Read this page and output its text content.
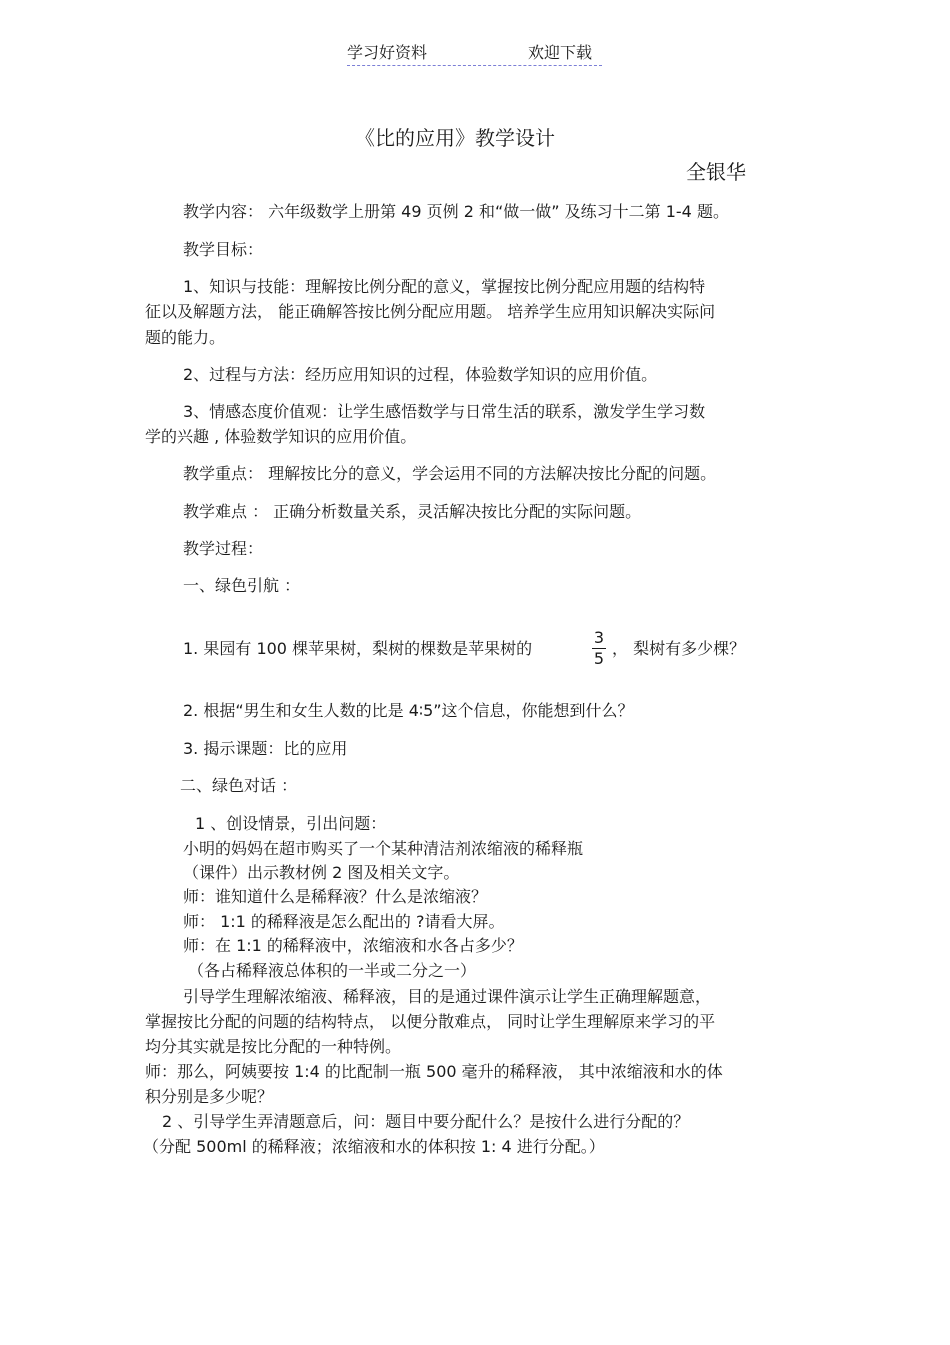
学习好资料	欢迎下载
《比的应用》教学设计
全银华
教学内容： 六年级数学上册第 49 页例 2 和“做一做” 及练习十二第 1-4 题。
教学目标：
1、知识与技能：理解按比例分配的意义，掌握按比例分配应用题的结构特
征以及解题方法， 能正确解答按比例分配应用题。 培养学生应用知识解决实际问
题的能力。
2、过程与方法：经历应用知识的过程，体验数学知识的应用价值。
3、情感态度价值观：让学生感悟数学与日常生活的联系，激发学生学习数
学的兴趣 , 体验数学知识的应用价值。
教学重点： 理解按比分的意义，学会运用不同的方法解决按比分配的问题。
教学难点 ： 正确分析数量关系，灵活解决按比分配的实际问题。
教学过程：
一、绿色引航 ：
1. 果园有 100 棵苹果树，梨树的棵数是苹果树的
3
5
， 梨树有多少棵？
2. 根据“男生和女生人数的比是 4∶5”这个信息，你能想到什么？
3. 揭示课题：比的应用
二、绿色对话 ：
1 、创设情景，引出问题：
小明的妈妈在超市购买了一个某种清洁剂浓缩液的稀释瓶
（课件）出示教材例 2 图及相关文字。
师：谁知道什么是稀释液？什么是浓缩液？
师： 1:1 的稀释液是怎么配出的 ?请看大屏。
师：在 1:1 的稀释液中，浓缩液和水各占多少？
（各占稀释液总体积的一半或二分之一）
引导学生理解浓缩液、稀释液，目的是通过课件演示让学生正确理解题意，
掌握按比分配的问题的结构特点， 以便分散难点， 同时让学生理解原来学习的平
均分其实就是按比分配的一种特例。
师：那么，阿姨要按 1:4 的比配制一瓶 500 毫升的稀释液， 其中浓缩液和水的体
积分别是多少呢？
2 、引导学生弄清题意后，问：题目中要分配什么？是按什么进行分配的？
（分配 500ml 的稀释液；浓缩液和水的体积按 1: 4 进行分配。）
